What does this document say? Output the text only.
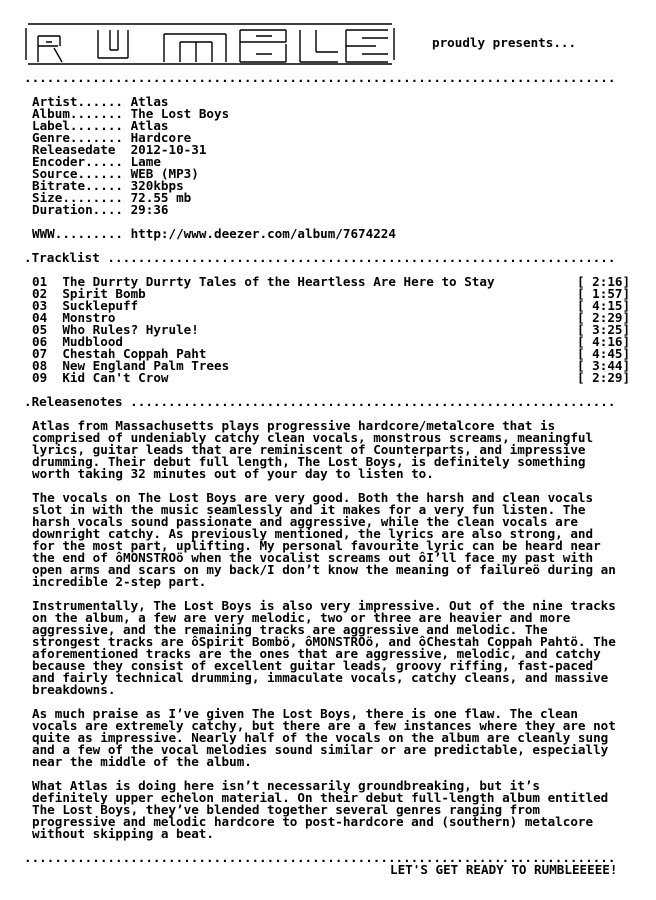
proudly presents...
..............................................................................
Artist...... Atlas
Album....... The Lost Boys
Label....... Atlas
Genre....... Hardcore
Releasedate  2012-10-31
Encoder..... Lame
Source...... WEB (MP3)
Bitrate..... 320kbps
Size........ 72.55 mb
Duration.... 29:36
WWW......... http://www.deezer.com/album/7674224
.Tracklist ...................................................................
01 The Durrty Durrty Tales of the Heartless Are Here to Stay	[ 2:16]
02 Spirit Bomb	[ 1:57]
03 Sucklepuff	[ 4:15]
04 Monstro	[ 2:29]
05 Who Rules? Hyrule!	[ 3:25]
06 Mudblood	[ 4:16]
07 Chestah Coppah Paht	[ 4:45]
08 New England Palm Trees	[ 3:44]
09 Kid Can't Crow	[ 2:29]
.Releasenotes ................................................................
Atlas from Massachusetts plays progressive hardcore/metalcore that is
comprised of undeniably catchy clean vocals, monstrous screams, meaningful
lyrics, guitar leads that are reminiscent of Counterparts, and impressive
drumming. Their debut full length, The Lost Boys, is definitely something
worth taking 32 minutes out of your day to listen to.
The vocals on The Lost Boys are very good. Both the harsh and clean vocals
slot in with the music seamlessly and it makes for a very fun listen. The
harsh vocals sound passionate and aggressive, while the clean vocals are
downright catchy. As previously mentioned, the lyrics are also strong, and
for the most part, uplifting. My personal favourite lyric can be heard near
the end of ôMONSTROö when the vocalist screams out ôI’ll face my past with
open arms and scars on my back/I don’t know the meaning of failureö during an
incredible 2-step part.
Instrumentally, The Lost Boys is also very impressive. Out of the nine tracks
on the album, a few are very melodic, two or three are heavier and more
aggressive, and the remaining tracks are aggressive and melodic. The
strongest tracks are ôSpirit Bombö, ôMONSTROö, and ôChestah Coppah Pahtö. The
aforementioned tracks are the ones that are aggressive, melodic, and catchy
because they consist of excellent guitar leads, groovy riffing, fast-paced
and fairly technical drumming, immaculate vocals, catchy cleans, and massive
breakdowns.
As much praise as I’ve given The Lost Boys, there is one flaw. The clean
vocals are extremely catchy, but there are a few instances where they are not
quite as impressive. Nearly half of the vocals on the album are cleanly sung
and a few of the vocal melodies sound similar or are predictable, especially
near the middle of the album.
What Atlas is doing here isn’t necessarily groundbreaking, but it’s
definitely upper echelon material. On their debut full-length album entitled
The Lost Boys, they’ve blended together several genres ranging from
progressive and melodic hardcore to post-hardcore and (southern) metalcore
without skipping a beat.
..............................................................................
LET'S GET READY TO RUMBLEEEEE!
